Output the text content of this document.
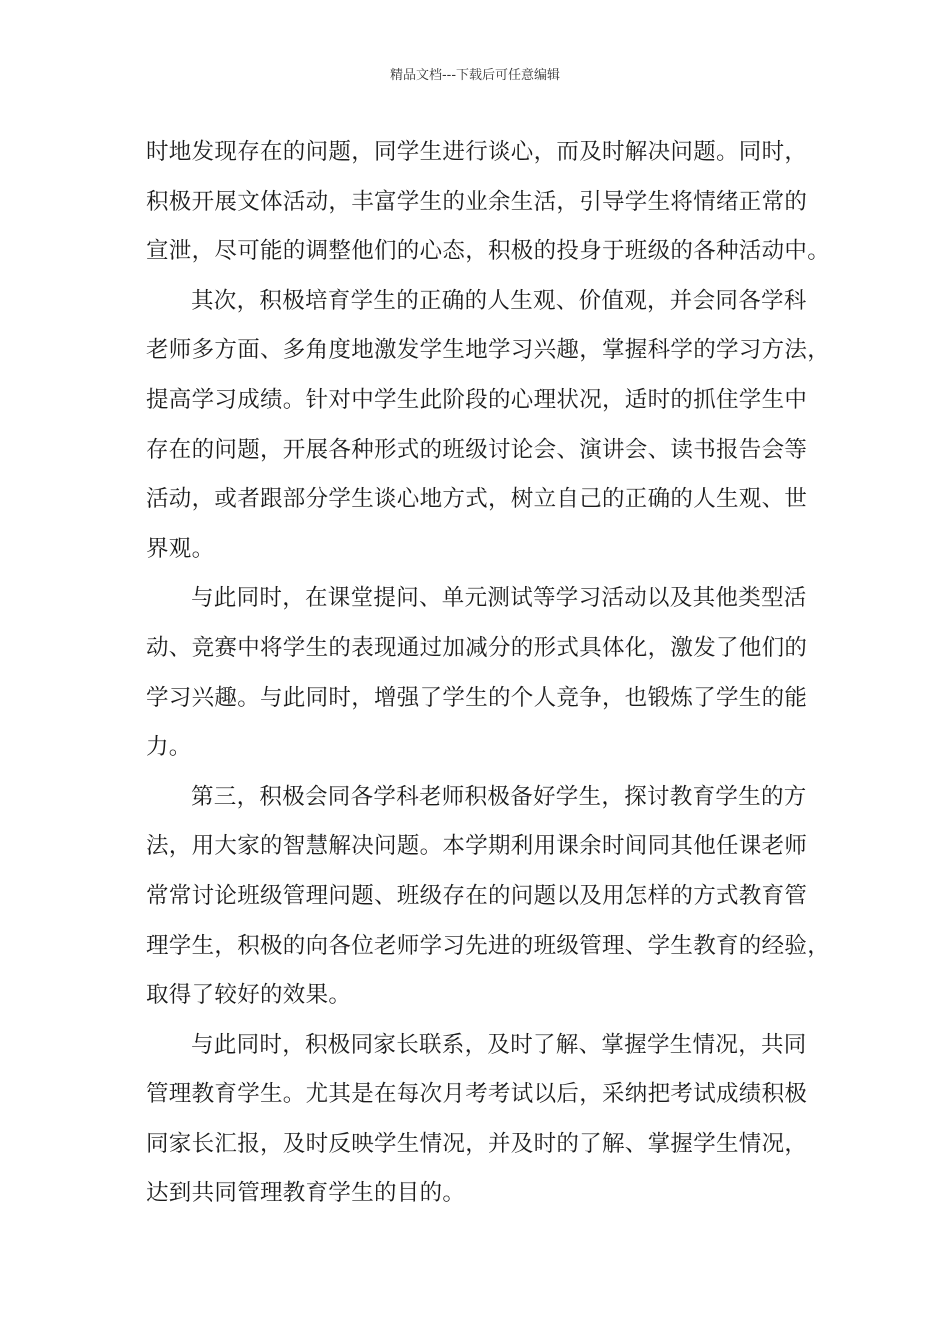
精品文档---下载后可任意编辑
时地发现存在的问题，同学生进行谈心，而及时解决问题。同时，
积极开展文体活动，丰富学生的业余生活，引导学生将情绪正常的
宣泄，尽可能的调整他们的心态，积极的投身于班级的各种活动中。
其次，积极培育学生的正确的人生观、价值观，并会同各学科
老师多方面、多角度地激发学生地学习兴趣，掌握科学的学习方法，
提高学习成绩。针对中学生此阶段的心理状况，适时的抓住学生中
存在的问题，开展各种形式的班级讨论会、演讲会、读书报告会等
活动，或者跟部分学生谈心地方式，树立自己的正确的人生观、世
界观。
与此同时，在课堂提问、单元测试等学习活动以及其他类型活
动、竞赛中将学生的表现通过加减分的形式具体化，激发了他们的
学习兴趣。与此同时，增强了学生的个人竞争，也锻炼了学生的能
力。
第三，积极会同各学科老师积极备好学生，探讨教育学生的方
法，用大家的智慧解决问题。本学期利用课余时间同其他任课老师
常常讨论班级管理问题、班级存在的问题以及用怎样的方式教育管
理学生，积极的向各位老师学习先进的班级管理、学生教育的经验，
取得了较好的效果。
与此同时，积极同家长联系，及时了解、掌握学生情况，共同
管理教育学生。尤其是在每次月考考试以后，采纳把考试成绩积极
同家长汇报，及时反映学生情况，并及时的了解、掌握学生情况，
达到共同管理教育学生的目的。
